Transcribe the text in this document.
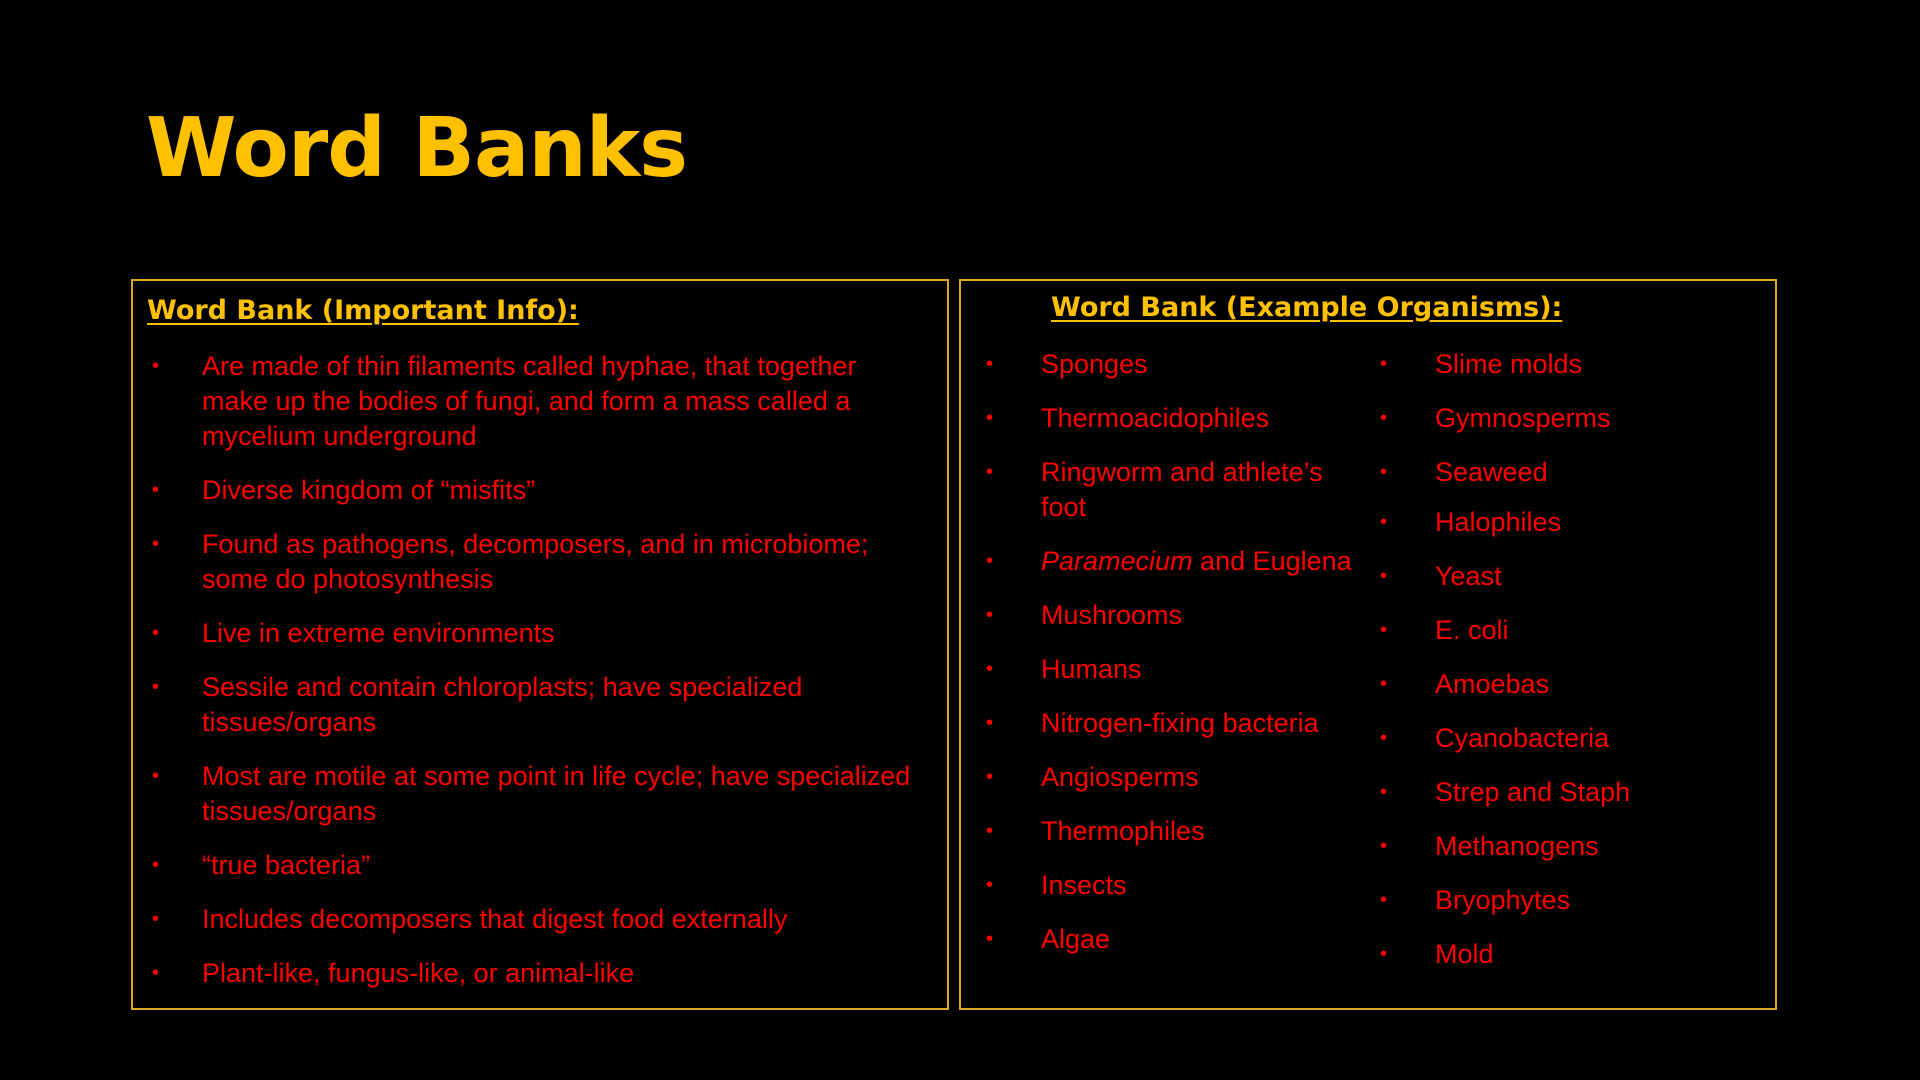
Word Banks
Word Bank (Important Info):
• Are made of thin filaments called hyphae, that together make up the bodies of fungi, and form a mass called a mycelium underground
• Diverse kingdom of “misfits”
• Found as pathogens, decomposers, and in microbiome; some do photosynthesis
• Live in extreme environments
• Sessile and contain chloroplasts; have specialized tissues/organs
• Most are motile at some point in life cycle; have specialized tissues/organs
• “true bacteria”
• Includes decomposers that digest food externally
• Plant-like, fungus-like, or animal-like
Word Bank (Example Organisms):
• Sponges
• Thermoacidophiles
• Ringworm and athlete’s foot
• Paramecium and Euglena
• Mushrooms
• Humans
• Nitrogen-fixing bacteria
• Angiosperms
• Thermophiles
• Insects
• Algae
• Slime molds
• Gymnosperms
• Seaweed
• Halophiles
• Yeast
• E. coli
• Amoebas
• Cyanobacteria
• Strep and Staph
• Methanogens
• Bryophytes
• Mold
